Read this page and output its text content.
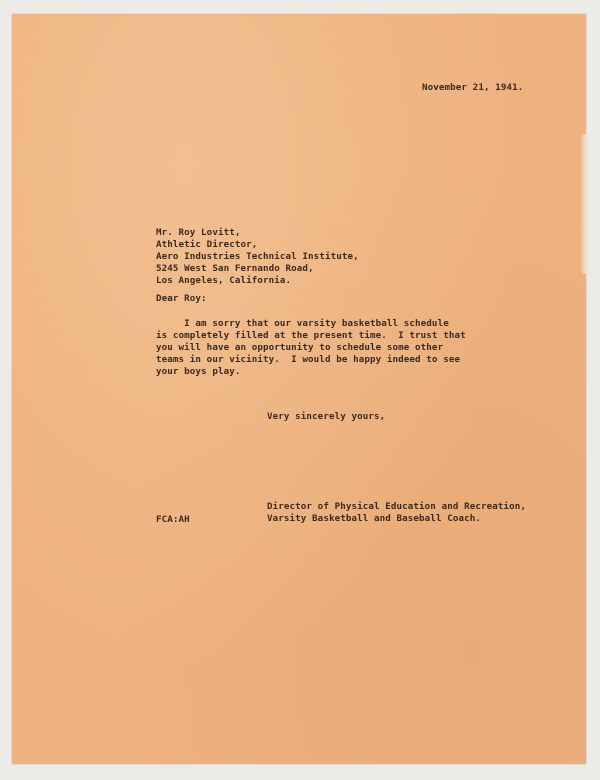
November 21, 1941.
Mr. Roy Lovitt,
Athletic Director,
Aero Industries Technical Institute,
5245 West San Fernando Road,
Los Angeles, California.
Dear Roy:
I am sorry that our varsity basketball schedule
is completely filled at the present time.  I trust that
you will have an opportunity to schedule some other
teams in our vicinity.  I would be happy indeed to see
your boys play.
Very sincerely yours,
Director of Physical Education and Recreation,
Varsity Basketball and Baseball Coach.
FCA:AH
